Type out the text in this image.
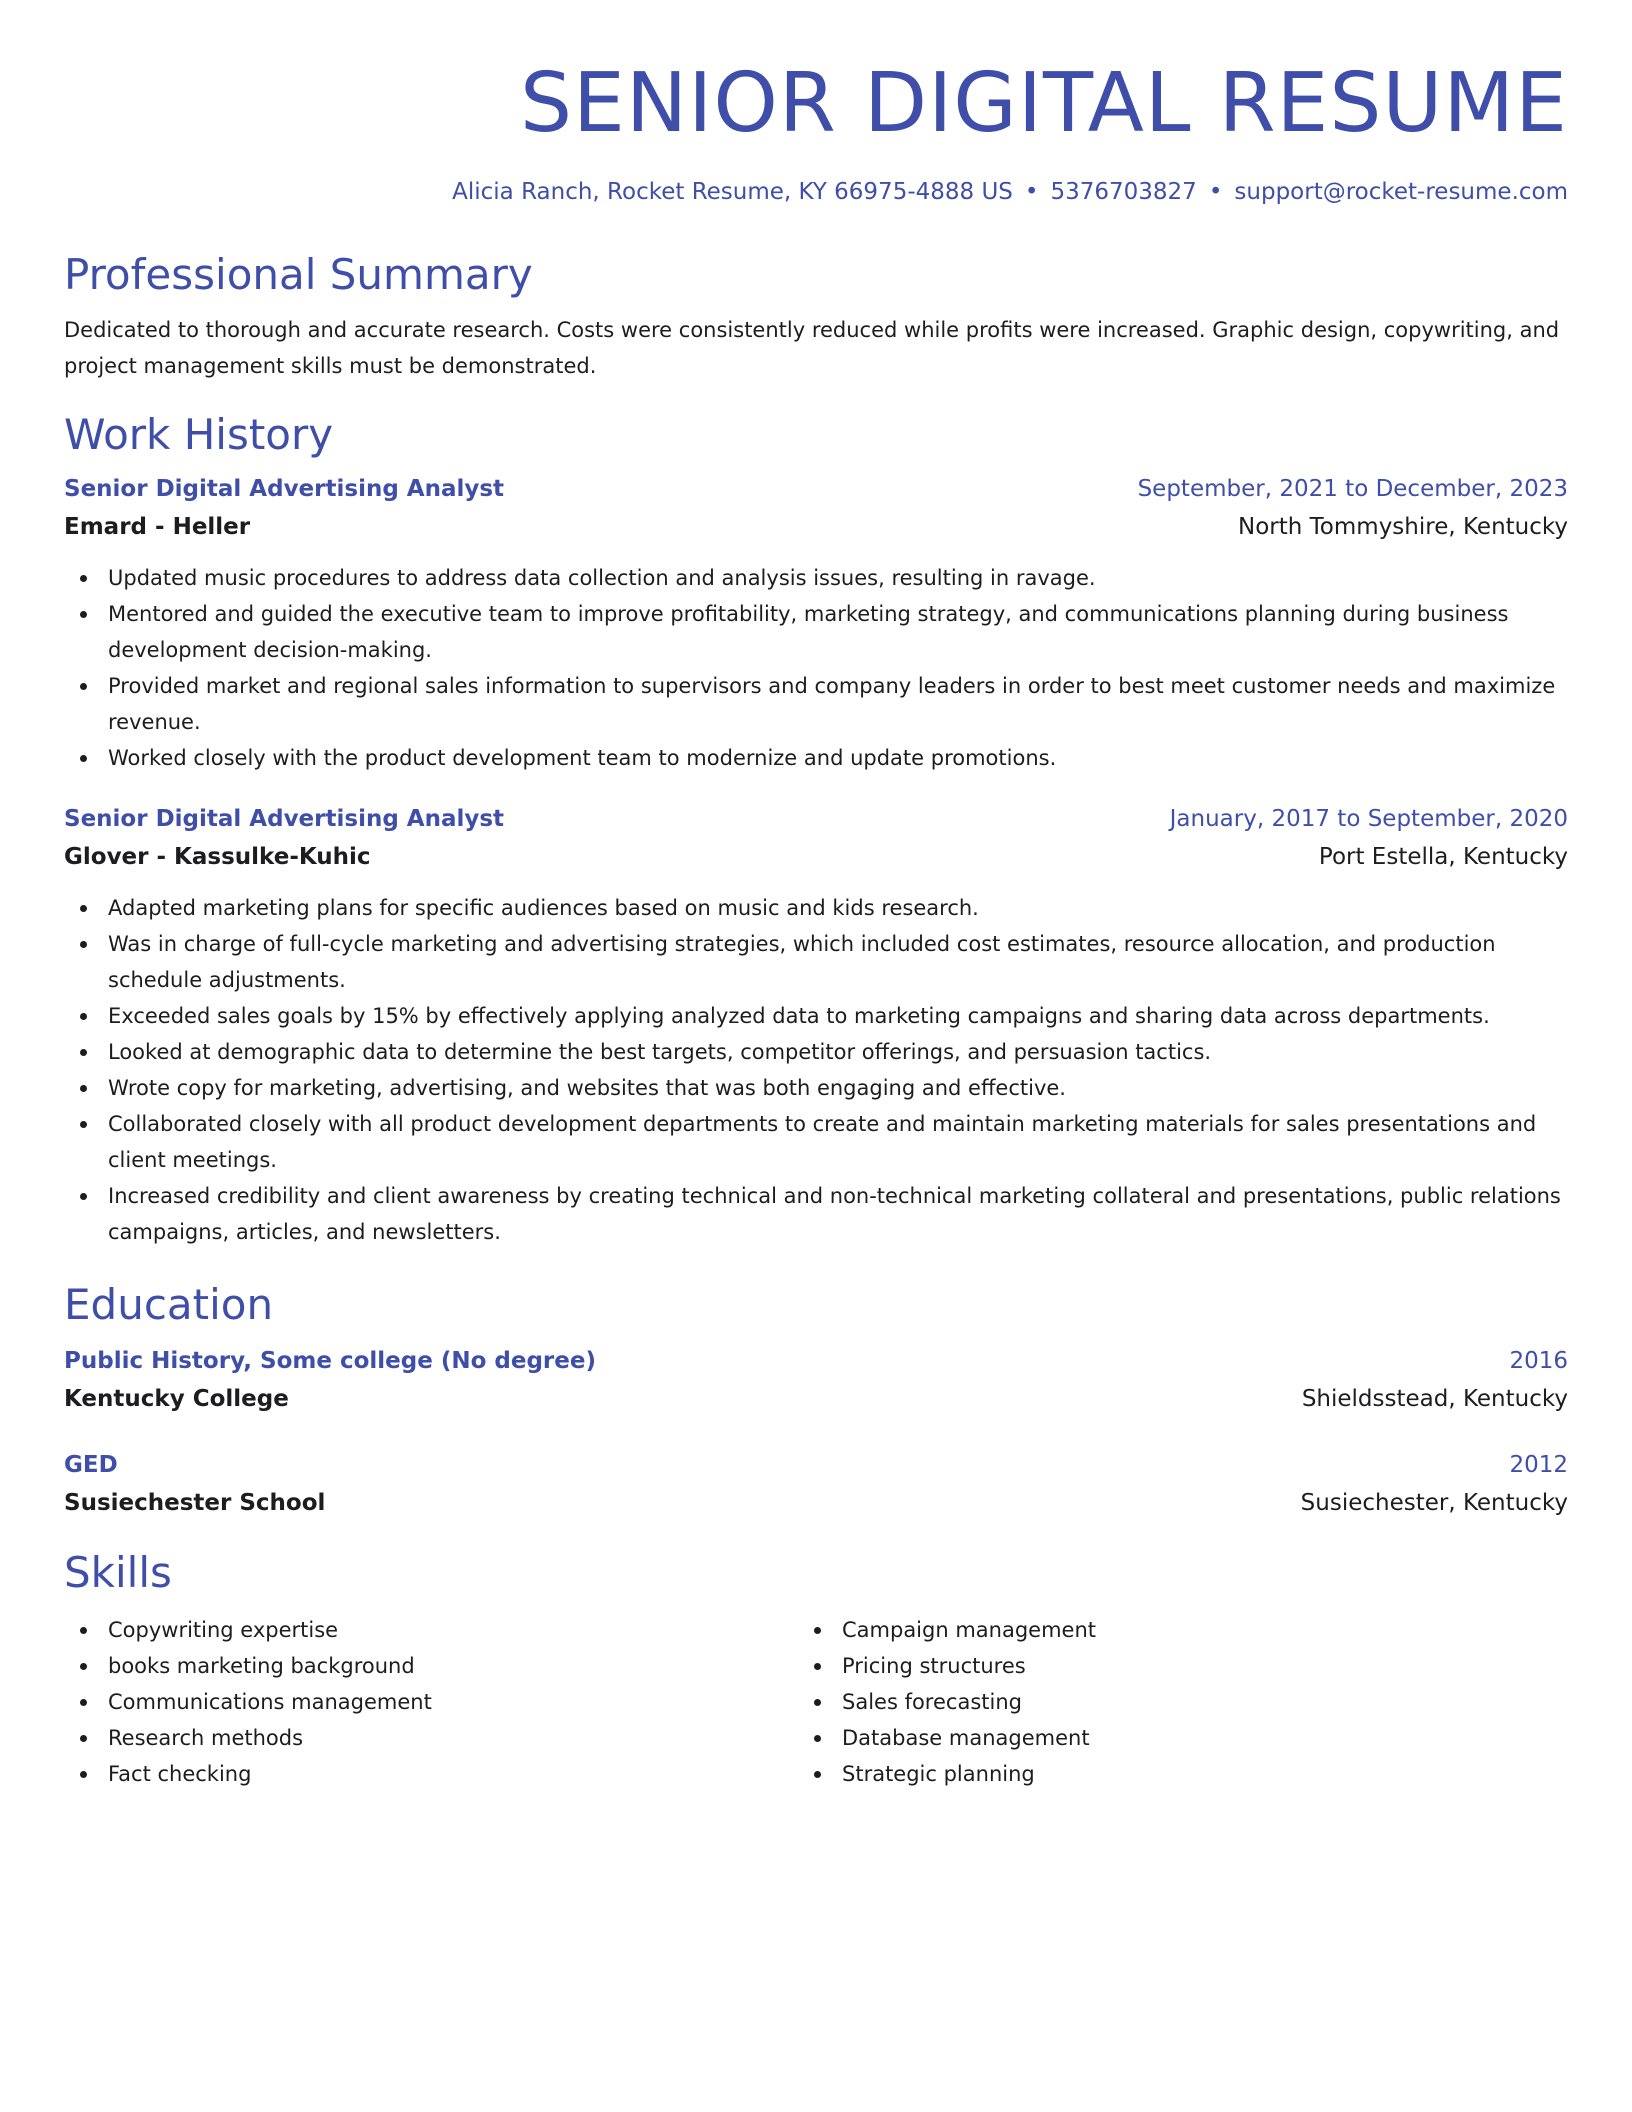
SENIOR DIGITAL RESUME
Alicia Ranch, Rocket Resume, KY 66975-4888 US • 5376703827 • support@rocket-resume.com
Professional Summary

Dedicated to thorough and accurate research. Costs were consistently reduced while profits were increased. Graphic design, copywriting, and project management skills must be demonstrated.

Work History
Senior Digital Advertising Analyst	September, 2021 to December, 2023
Emard - Heller	North Tommyshire, Kentucky
Updated music procedures to address data collection and analysis issues, resulting in ravage.
Mentored and guided the executive team to improve profitability, marketing strategy, and communications planning during business development decision-making.
Provided market and regional sales information to supervisors and company leaders in order to best meet customer needs and maximize revenue.
Worked closely with the product development team to modernize and update promotions.
Senior Digital Advertising Analyst	January, 2017 to September, 2020
Glover - Kassulke-Kuhic	Port Estella, Kentucky
Adapted marketing plans for specific audiences based on music and kids research.
Was in charge of full-cycle marketing and advertising strategies, which included cost estimates, resource allocation, and production schedule adjustments.
Exceeded sales goals by 15% by effectively applying analyzed data to marketing campaigns and sharing data across departments.
Looked at demographic data to determine the best targets, competitor offerings, and persuasion tactics.
Wrote copy for marketing, advertising, and websites that was both engaging and effective.
Collaborated closely with all product development departments to create and maintain marketing materials for sales presentations and client meetings.
Increased credibility and client awareness by creating technical and non-technical marketing collateral and presentations, public relations campaigns, articles, and newsletters.
Education
Public History, Some college (No degree)	2016
Kentucky College	Shieldsstead, Kentucky
GED	2012
Susiechester School	Susiechester, Kentucky
Skills
Copywriting expertise
books marketing background
Communications management
Research methods
Fact checking
Campaign management
Pricing structures
Sales forecasting
Database management
Strategic planning
